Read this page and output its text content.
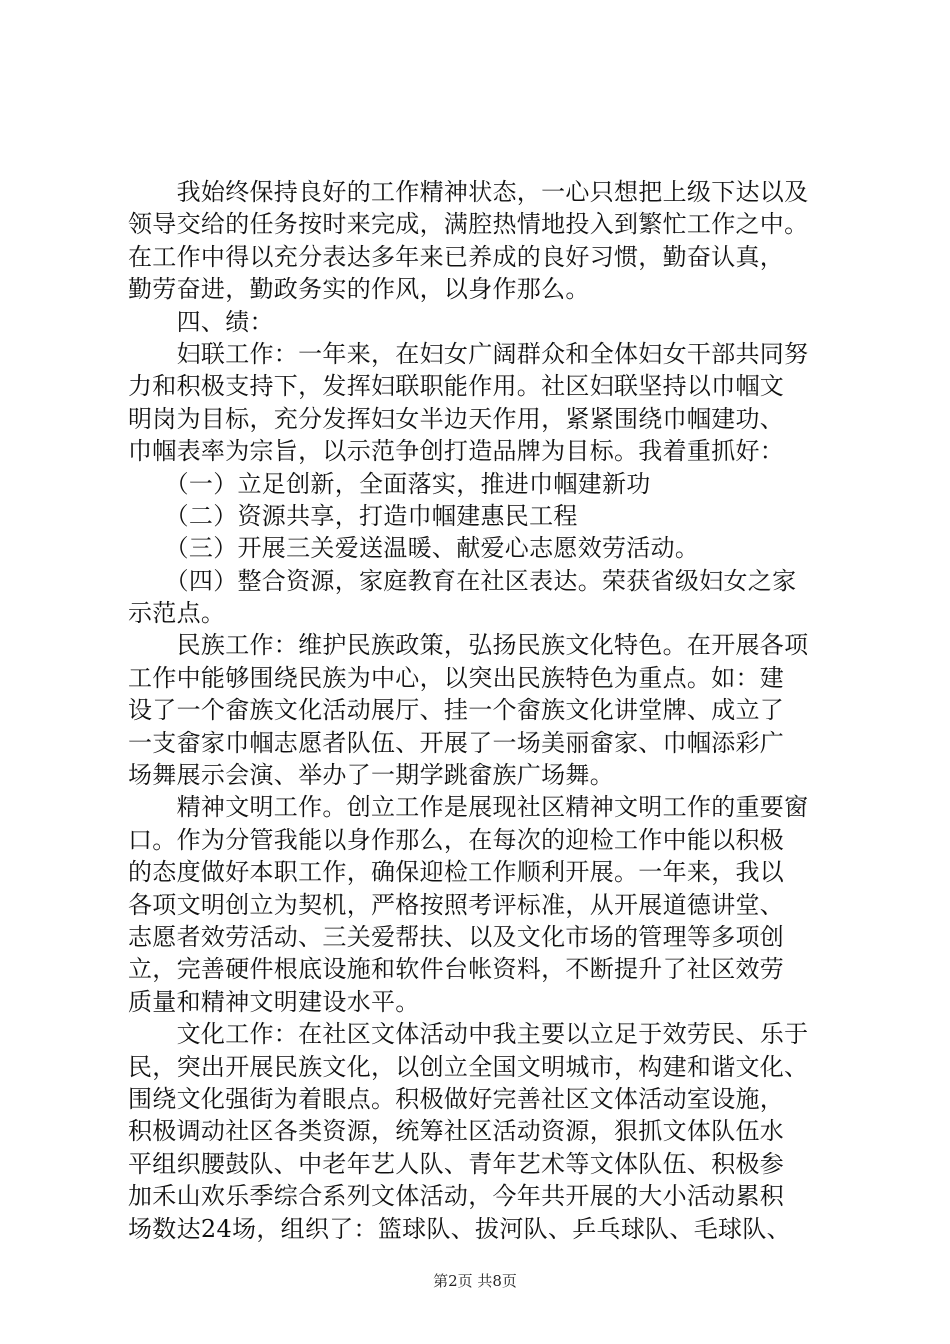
　　我始终保持良好的工作精神状态，一心只想把上级下达以及
领导交给的任务按时来完成，满腔热情地投入到繁忙工作之中。
在工作中得以充分表达多年来已养成的良好习惯，勤奋认真，
勤劳奋进，勤政务实的作风，以身作那么。
　　四、绩：
　　妇联工作：一年来，在妇女广阔群众和全体妇女干部共同努
力和积极支持下，发挥妇联职能作用。社区妇联坚持以巾帼文
明岗为目标，充分发挥妇女半边天作用，紧紧围绕巾帼建功、
巾帼表率为宗旨，以示范争创打造品牌为目标。我着重抓好：
　　（一）立足创新，全面落实，推进巾帼建新功
　　（二）资源共享，打造巾帼建惠民工程
　　（三）开展三关爱送温暖、献爱心志愿效劳活动。
　　（四）整合资源，家庭教育在社区表达。荣获省级妇女之家
示范点。
　　民族工作：维护民族政策，弘扬民族文化特色。在开展各项
工作中能够围绕民族为中心，以突出民族特色为重点。如：建
设了一个畲族文化活动展厅、挂一个畲族文化讲堂牌、成立了
一支畲家巾帼志愿者队伍、开展了一场美丽畲家、巾帼添彩广
场舞展示会演、举办了一期学跳畲族广场舞。
　　精神文明工作。创立工作是展现社区精神文明工作的重要窗
口。作为分管我能以身作那么，在每次的迎检工作中能以积极
的态度做好本职工作，确保迎检工作顺利开展。一年来，我以
各项文明创立为契机，严格按照考评标准，从开展道德讲堂、
志愿者效劳活动、三关爱帮扶、以及文化市场的管理等多项创
立，完善硬件根底设施和软件台帐资料，不断提升了社区效劳
质量和精神文明建设水平。
　　文化工作：在社区文体活动中我主要以立足于效劳民、乐于
民，突出开展民族文化，以创立全国文明城市，构建和谐文化、
围绕文化强街为着眼点。积极做好完善社区文体活动室设施，
积极调动社区各类资源，统筹社区活动资源，狠抓文体队伍水
平组织腰鼓队、中老年艺人队、青年艺术等文体队伍、积极参
加禾山欢乐季综合系列文体活动，今年共开展的大小活动累积
场数达24场，组织了：篮球队、拔河队、乒乓球队、毛球队、
第2页 共8页
